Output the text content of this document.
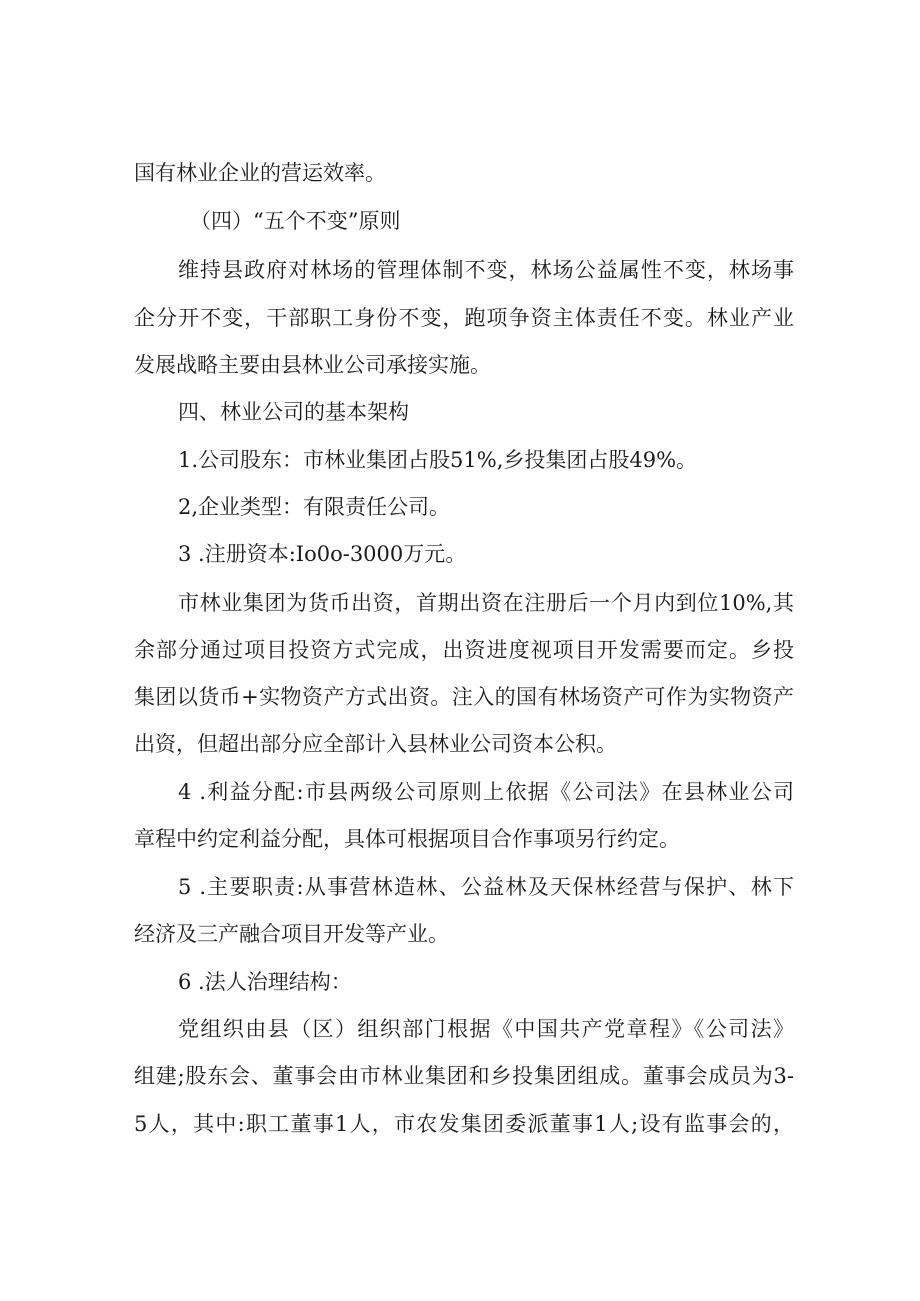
国有林业企业的营运效率。

（四）“五个不变”原则

维持县政府对林场的管理体制不变，林场公益属性不变，林场事

企分开不变，干部职工身份不变，跑项争资主体责任不变。林业产业

发展战略主要由县林业公司承接实施。

四、林业公司的基本架构

1.公司股东：市林业集团占股51%,乡投集团占股49%。

2,企业类型：有限责任公司。

3 .注册资本:Io0o-3000万元。

市林业集团为货币出资，首期出资在注册后一个月内到位10%,其

余部分通过项目投资方式完成，出资进度视项目开发需要而定。乡投

集团以货币+实物资产方式出资。注入的国有林场资产可作为实物资产

出资，但超出部分应全部计入县林业公司资本公积。

4 .利益分配:市县两级公司原则上依据《公司法》在县林业公司

章程中约定利益分配，具体可根据项目合作事项另行约定。

5 .主要职责:从事营林造林、公益林及天保林经营与保护、林下

经济及三产融合项目开发等产业。

6 .法人治理结构：

党组织由县（区）组织部门根据《中国共产党章程》《公司法》

组建;股东会、董事会由市林业集团和乡投集团组成。董事会成员为3-

5人，其中:职工董事1人，市农发集团委派董事1人;设有监事会的，
